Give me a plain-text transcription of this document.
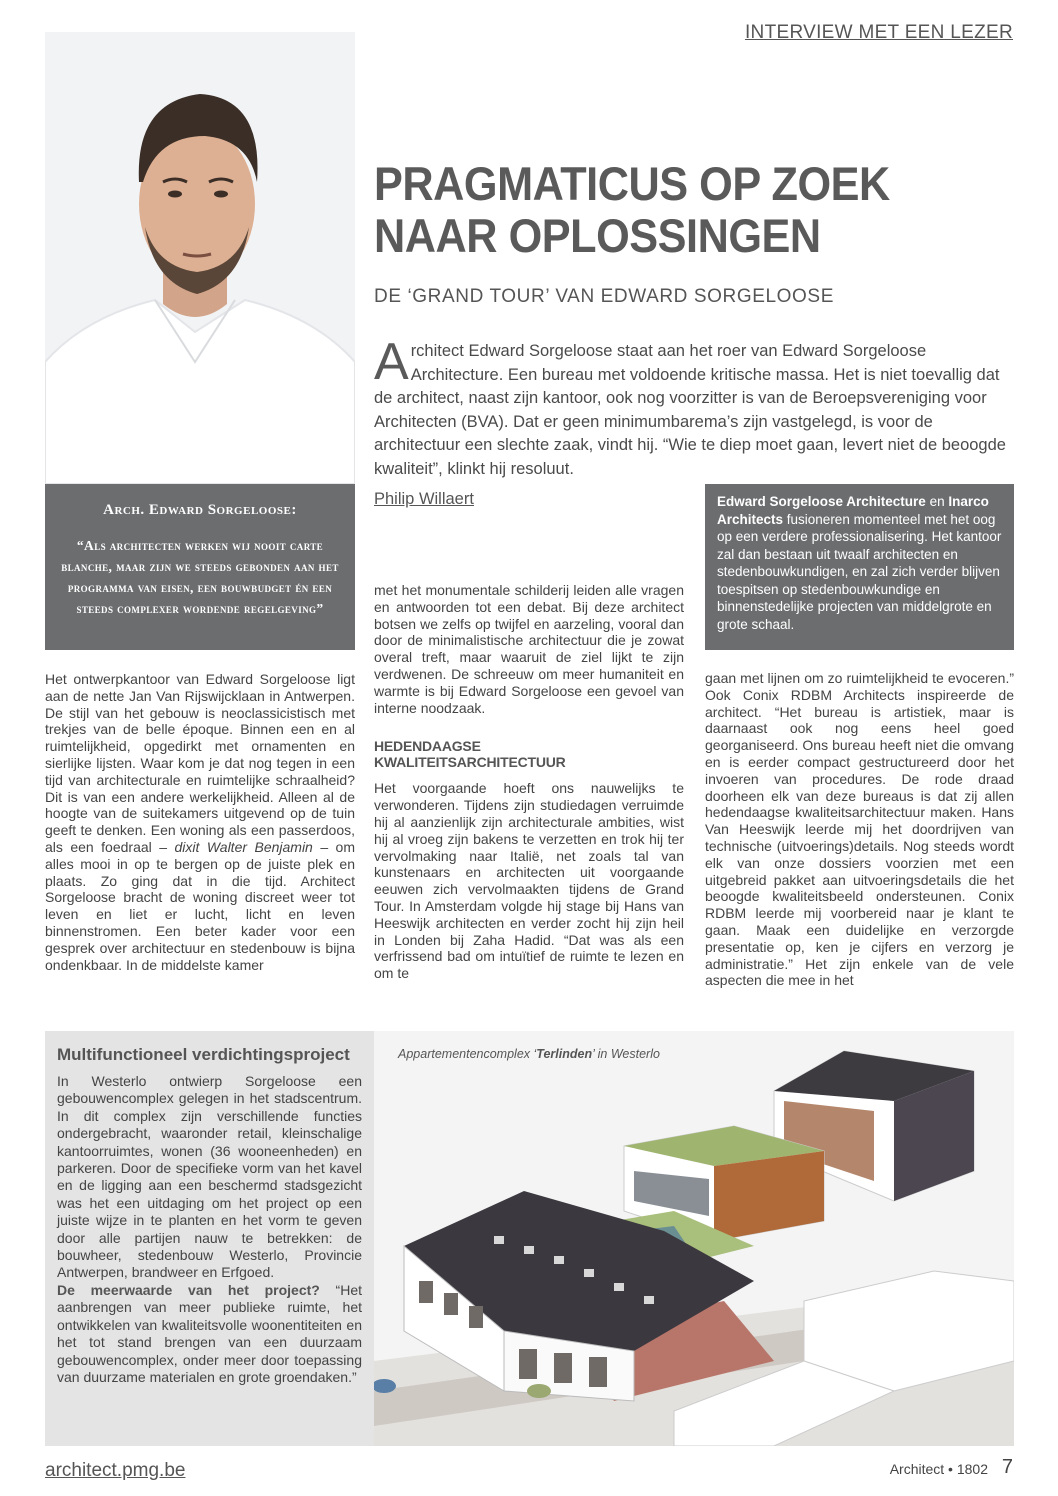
INTERVIEW MET EEN LEZER
Arch. Edward Sorgeloose:
“Als architecten werken wij nooit carte blanche, maar zijn we steeds gebonden aan het programma van eisen, een bouwbudget én een steeds complexer wordende regelgeving”
PRAGMATICUS OP ZOEK
NAAR OPLOSSINGEN
DE ‘GRAND TOUR’ VAN EDWARD SORGELOOSE
Architect Edward Sorgeloose staat aan het roer van Edward Sorgeloose Architecture. Een bureau met voldoende kritische massa. Het is niet toevallig dat de architect, naast zijn kantoor, ook nog voorzitter is van de Beroepsvereniging voor Architecten (BVA). Dat er geen minimumbarema’s zijn vastgelegd, is voor de architectuur een slechte zaak, vindt hij. “Wie te diep moet gaan, levert niet de beoogde kwaliteit”, klinkt hij resoluut.
Philip Willaert	Edward Sorgeloose Architecture en Inarco Architects fusioneren momenteel met het oog op een verdere professionalisering. Het kantoor zal dan bestaan uit twaalf architecten en stedenbouwkundigen, en zal zich verder blijven toespitsen op stedenbouwkundige en binnenstedelijke projecten van middelgrote en grote schaal.

Het ontwerpkantoor van Edward Sorgeloose ligt aan de nette Jan Van Rijswijcklaan in Antwerpen. De stijl van het gebouw is neoclassicistisch met trekjes van de belle époque. Binnen een en al ruimtelijkheid, opgedirkt met ornamenten en sierlijke lijsten. Waar kom je dat nog tegen in een tijd van architecturale en ruimtelijke schraalheid? Dit is van een andere werkelijkheid. Alleen al de hoogte van de suitekamers uitgevend op de tuin geeft te denken. Een woning als een passerdoos, als een foedraal – dixit Walter Benjamin – om alles mooi in op te bergen op de juiste plek en plaats. Zo ging dat in die tijd. Architect Sorgeloose bracht de woning discreet weer tot leven en liet er lucht, licht en leven binnenstromen. Een beter kader voor een gesprek over architectuur en stedenbouw is bijna ondenkbaar. In de middelste kamer

met het monumentale schilderij leiden alle vragen en antwoorden tot een debat. Bij deze architect botsen we zelfs op twijfel en aarzeling, vooral dan door de minimalistische architectuur die je zowat overal treft, maar waaruit de ziel lijkt te zijn verdwenen. De schreeuw om meer humaniteit en warmte is bij Edward Sorgeloose een gevoel van interne noodzaak.

HEDENDAAGSE
KWALITEITSARCHITECTUUR

Het voorgaande hoeft ons nauwelijks te verwonderen. Tijdens zijn studiedagen verruimde hij al aanzienlijk zijn architecturale ambities, wist hij al vroeg zijn bakens te verzetten en trok hij ter vervolmaking naar Italië, net zoals tal van kunstenaars en architecten uit voorgaande eeuwen zich vervolmaakten tijdens de Grand Tour. In Amsterdam volgde hij stage bij Hans van Heeswijk architecten en verder zocht hij zijn heil in Londen bij Zaha Hadid. “Dat was als een verfrissend bad om intuïtief de ruimte te lezen en om te

gaan met lijnen om zo ruimtelijkheid te evoceren.” Ook Conix RDBM Architects inspireerde de architect. “Het bureau is artistiek, maar is daarnaast ook nog eens heel goed georganiseerd. Ons bureau heeft niet die omvang en is eerder compact gestructureerd door het invoeren van procedures. De rode draad doorheen elk van deze bureaus is dat zij allen hedendaagse kwaliteitsarchitectuur maken. Hans Van Heeswijk leerde mij het doordrijven van technische (uitvoerings)details. Nog steeds wordt elk van onze dossiers voorzien met een uitgebreid pakket aan uitvoeringsdetails die het beoogde kwaliteitsbeeld ondersteunen. Conix RDBM leerde mij voorbereid naar je klant te gaan. Maak een duidelijke en verzorgde presentatie op, ken je cijfers en verzorg je administratie.” Het zijn enkele van de vele aspecten die mee in het

Multifunctioneel verdichtingsproject
In Westerlo ontwierp Sorgeloose een gebouwencomplex gelegen in het stadscentrum. In dit complex zijn verschillende functies ondergebracht, waaronder retail, kleinschalige kantoorruimtes, wonen (36 wooneenheden) en parkeren. Door de specifieke vorm van het kavel en de ligging aan een beschermd stadsgezicht was het een uitdaging om het project op een juiste wijze in te planten en het vorm te geven door alle partijen nauw te betrekken: de bouwheer, stedenbouw Westerlo, Provincie Antwerpen, brandweer en Erfgoed.
De meerwaarde van het project? “Het aanbrengen van meer publieke ruimte, het ontwikkelen van kwaliteitsvolle woonentiteiten en het tot stand brengen van een duurzaam gebouwencomplex, onder meer door toepassing van duurzame materialen en grote groendaken.”
Appartementencomplex ‘Terlinden’ in Westerlo
architect.pmg.be	Architect • 1802 7
